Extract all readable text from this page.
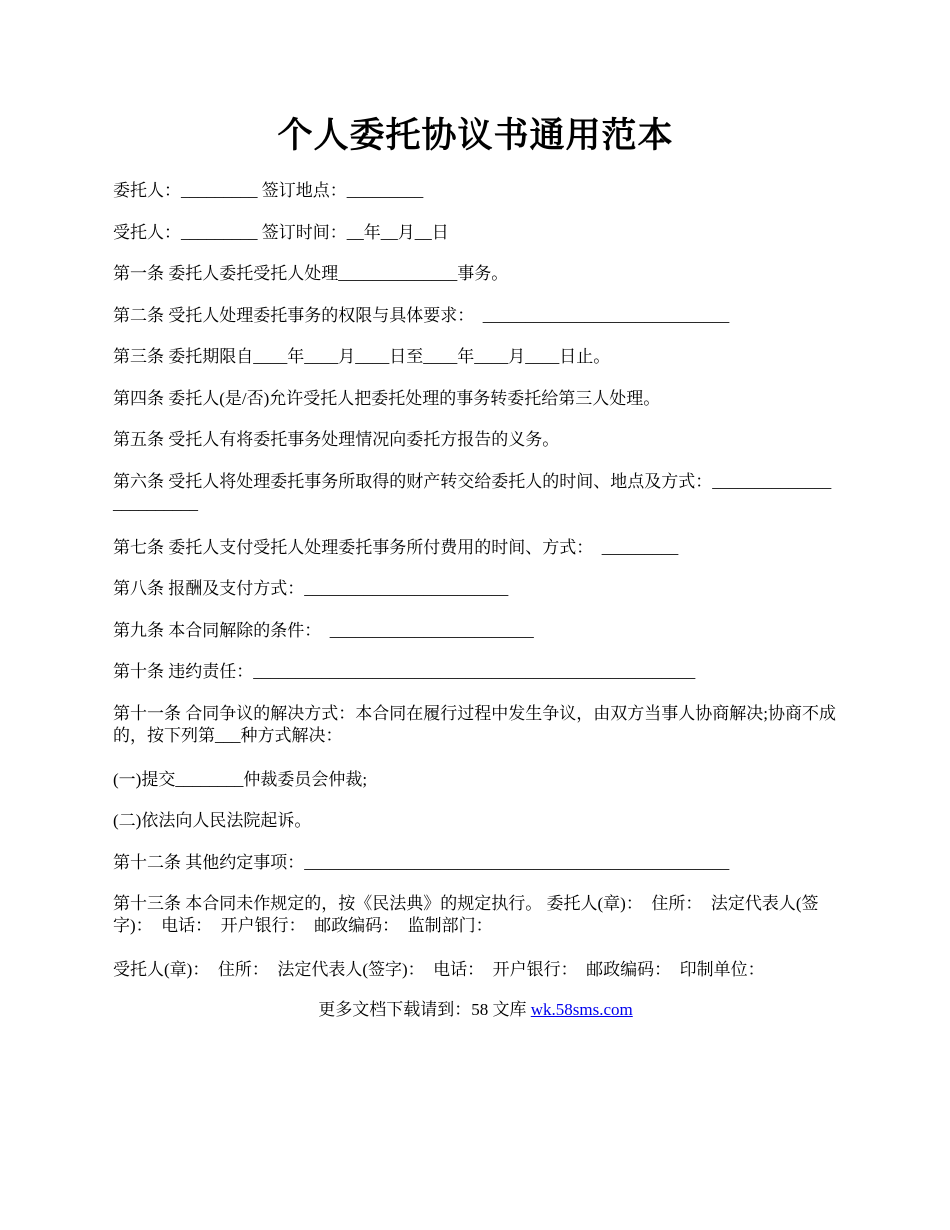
个人委托协议书通用范本

委托人：_________ 签订地点：_________

受托人：_________ 签订时间：__年__月__日

第一条 委托人委托受托人处理______________事务。

第二条 受托人处理委托事务的权限与具体要求：  _____________________________

第三条 委托期限自____年____月____日至____年____月____日止。

第四条 委托人(是/否)允许受托人把委托处理的事务转委托给第三人处理。

第五条 受托人有将委托事务处理情况向委托方报告的义务。

第六条 受托人将处理委托事务所取得的财产转交给委托人的时间、地点及方式：________________________

第七条 委托人支付受托人处理委托事务所付费用的时间、方式：  _________

第八条 报酬及支付方式：________________________

第九条 本合同解除的条件：  ________________________

第十条 违约责任：____________________________________________________

第十一条 合同争议的解决方式：本合同在履行过程中发生争议，由双方当事人协商解决;协商不成的，按下列第___种方式解决：

(一)提交________仲裁委员会仲裁;

(二)依法向人民法院起诉。

第十二条 其他约定事项：__________________________________________________

第十三条 本合同未作规定的，按《民法典》的规定执行。 委托人(章)：  住所：  法定代表人(签字)：  电话：  开户银行：  邮政编码：  监制部门：

受托人(章)：  住所：  法定代表人(签字)：  电话：  开户银行：  邮政编码：  印制单位：

更多文档下载请到：58 文库 wk.58sms.com
